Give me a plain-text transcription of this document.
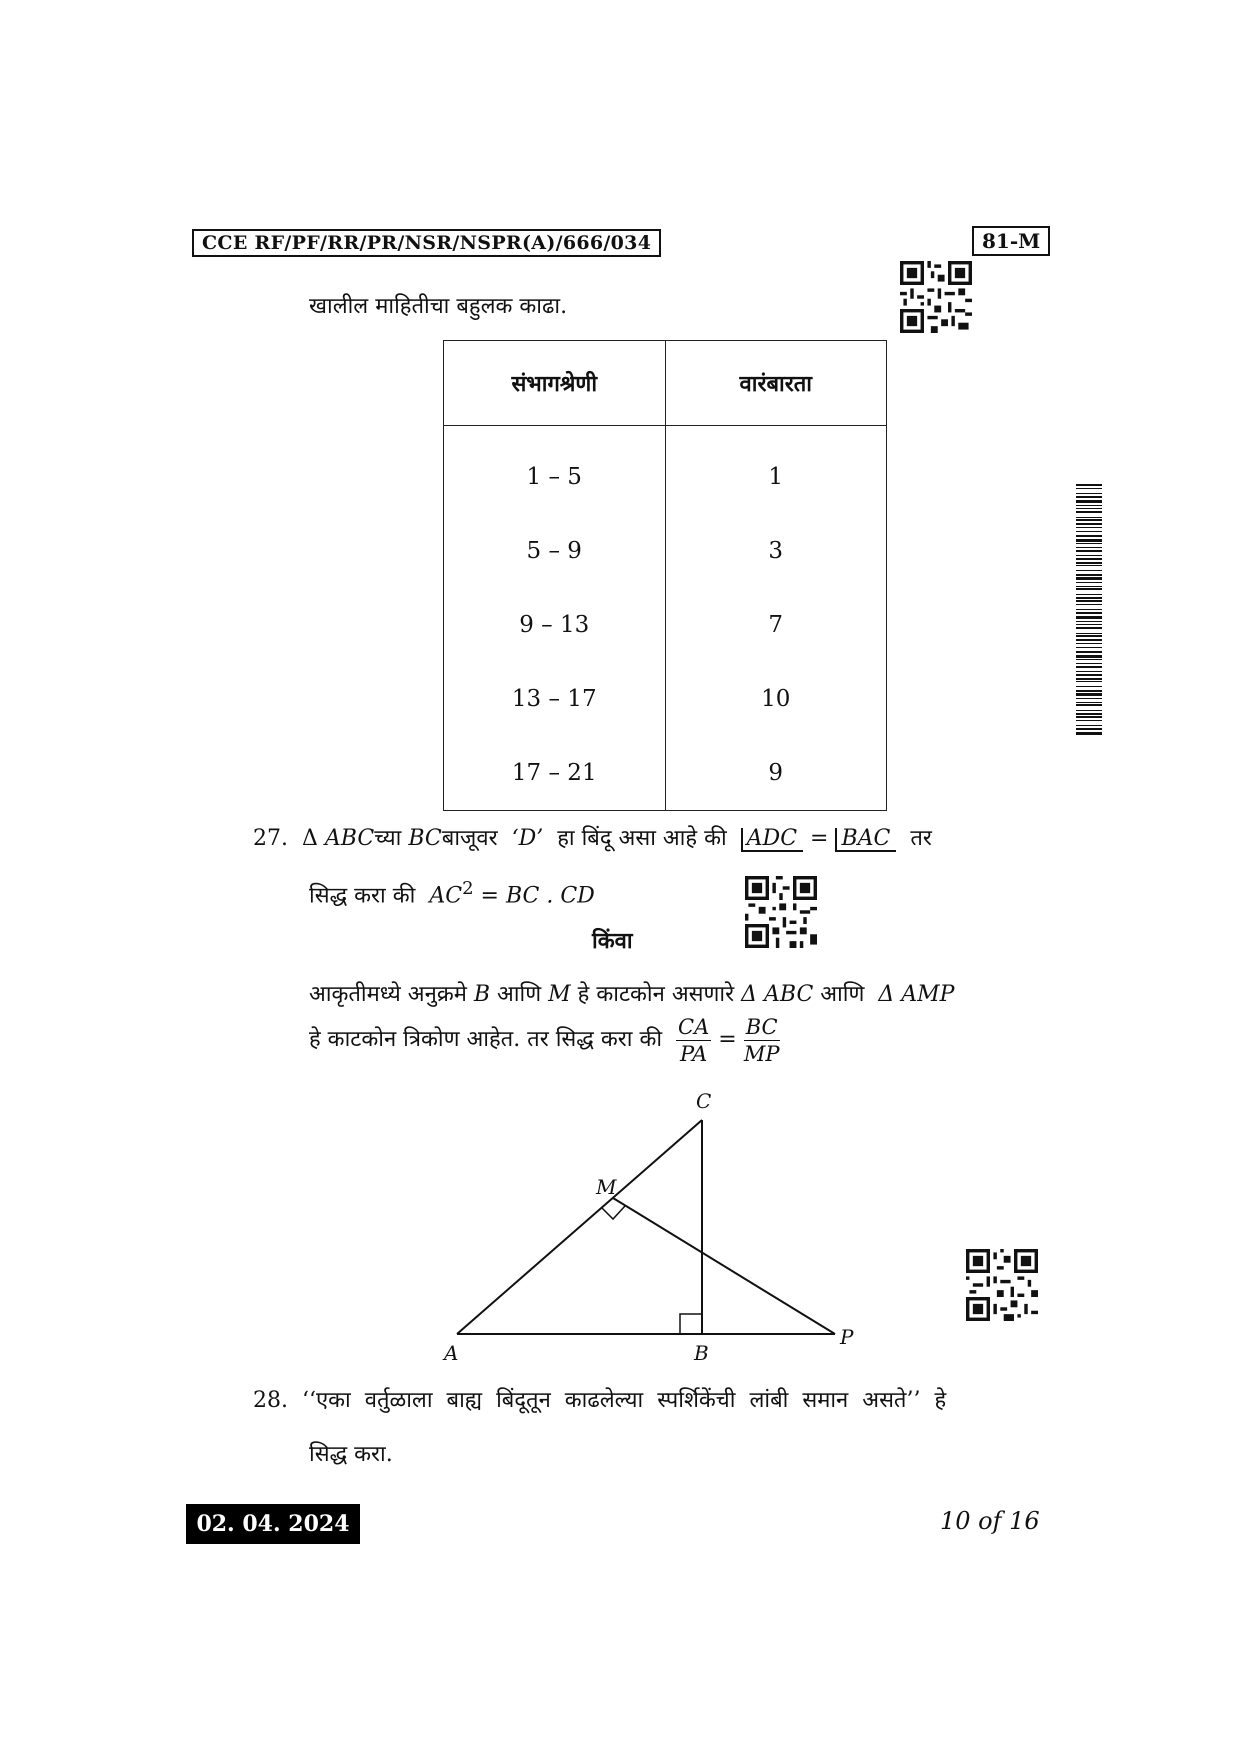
CCE RF/PF/RR/PR/NSR/NSPR(A)/666/034	81-M
खालील माहितीचा बहुलक काढा.
संभागश्रेणी	वारंबारता

1 – 5	1
5 – 9	3
9 – 13	7
13 – 17	10
17 – 21	9
27. Δ ABCच्या BCबाजूवर ‘D’ हा बिंदू असा आहे की ADC = BAC तर
सिद्ध करा की $AC^2$ = BC . CD
किंवा
आकृतीमध्ये अनुक्रमे B आणि M हे काटकोन असणारे Δ ABC आणि Δ AMP
हे काटकोन त्रिकोण आहेत. तर सिद्ध करा की $\frac{CA}{PA} = \frac{BC}{MP}$
C
M
A	B
P
28. ‘‘एका वर्तुळाला बाह्य बिंदूतून काढलेल्या स्पर्शिकेंची लांबी समान असते’’ हे
सिद्ध करा.
02. 04. 2024	10 of 16
